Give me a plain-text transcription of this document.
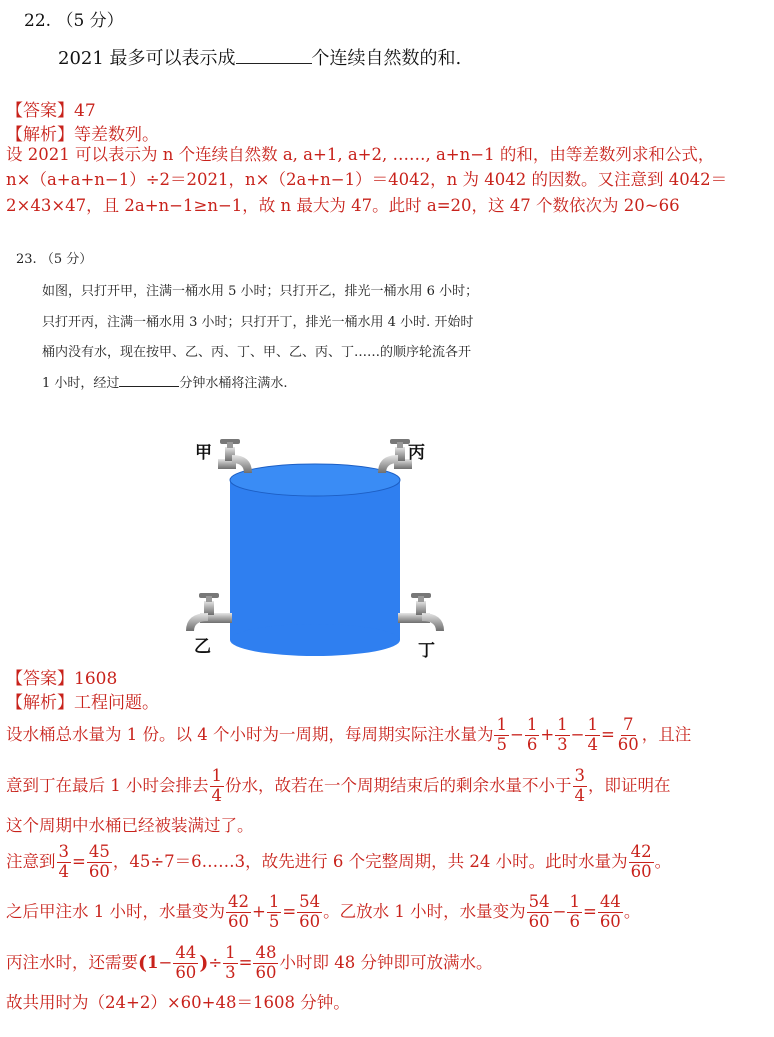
22. （5 分）
2021 最多可以表示成	个连续自然数的和.
【答案】47
【解析】等差数列。
设 2021 可以表示为 n 个连续自然数 a, a+1, a+2, ……, a+n−1 的和，由等差数列求和公式，
n×（a+a+n−1）÷2＝2021，n×（2a+n−1）＝4042，n 为 4042 的因数。又注意到 4042＝
2×43×47，且 2a+n−1≥n−1，故 n 最大为 47。此时 a=20，这 47 个数依次为 20~66
23. （5 分）
如图，只打开甲，注满一桶水用 5 小时；只打开乙，排光一桶水用 6 小时；
只打开丙，注满一桶水用 3 小时；只打开丁，排光一桶水用 4 小时. 开始时
桶内没有水，现在按甲、乙、丙、丁、甲、乙、丙、丁……的顺序轮流各开
1 小时，经过	分钟水桶将注满水.
甲	丙
乙	丁
【答案】1608
【解析】工程问题。
设水桶总水量为 1 份。以 4 个小时为一周期，每周期实际注水量为 $\frac{1}{5} - \frac{1}{6} + \frac{1}{3} - \frac{1}{4} = \frac{7}{60}$ ，且注
意到丁在最后 1 小时会排去 $\frac{1}{4}$ 份水，故若在一个周期结束后的剩余水量不小于 $\frac{3}{4}$ ，即证明在
这个周期中水桶已经被装满过了。
注意到 $\frac{3}{4} = \frac{45}{60}$ ，45÷7＝6……3，故先进行 6 个完整周期，共 24 小时。此时水量为 $\frac{42}{60}$ 。
之后甲注水 1 小时，水量变为 $\frac{42}{60} + \frac{1}{5} = \frac{54}{60}$ 。乙放水 1 小时，水量变为 $\frac{54}{60} - \frac{1}{6} = \frac{44}{60}$ 。
丙注水时，还需要 ( $1 - \frac{44}{60}$ ) ÷ $\frac{1}{3} = \frac{48}{60}$ 小时即 48 分钟即可放满水。
故共用时为（24+2）×60+48＝1608 分钟。
